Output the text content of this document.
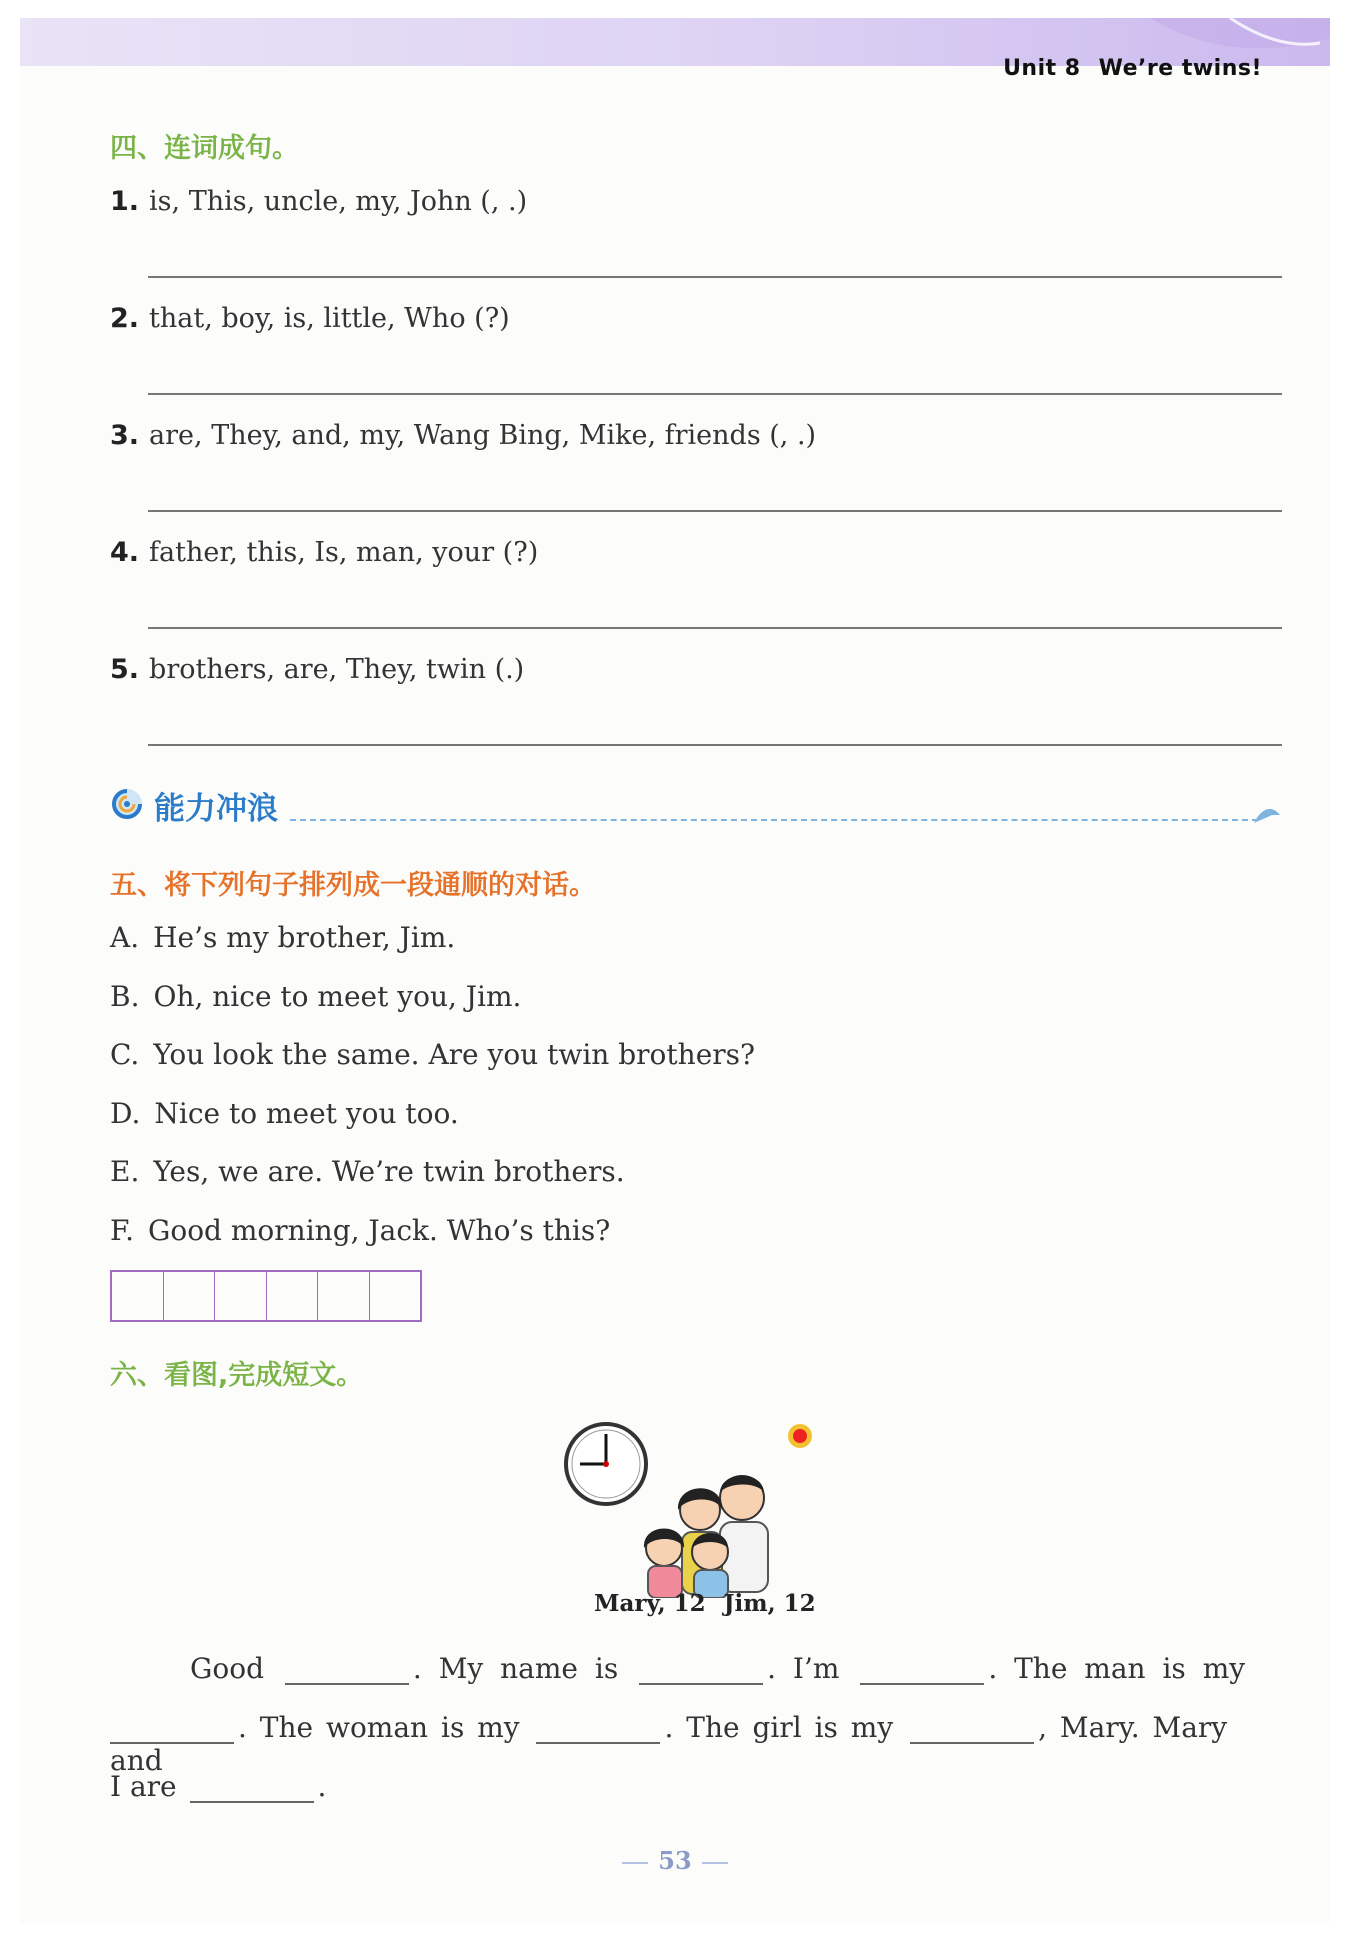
Unit 8 We’re twins!
四、连词成句。
1. is, This, uncle, my, John (, .)
2. that, boy, is, little, Who (?)
3. are, They, and, my, Wang Bing, Mike, friends (, .)
4. father, this, Is, man, your (?)
5. brothers, are, They, twin (.)
能力冲浪
五、将下列句子排列成一段通顺的对话。
A. He’s my brother, Jim.
B. Oh, nice to meet you, Jim.
C. You look the same. Are you twin brothers?
D. Nice to meet you too.
E. Yes, we are. We’re twin brothers.
F. Good morning, Jack. Who’s this?
六、看图,完成短文。
Mary, 12 Jim, 12
Good	. My name is	. I’m	. The man is my
. The woman is my	. The girl is my	, Mary. Mary and
I are	.
53
